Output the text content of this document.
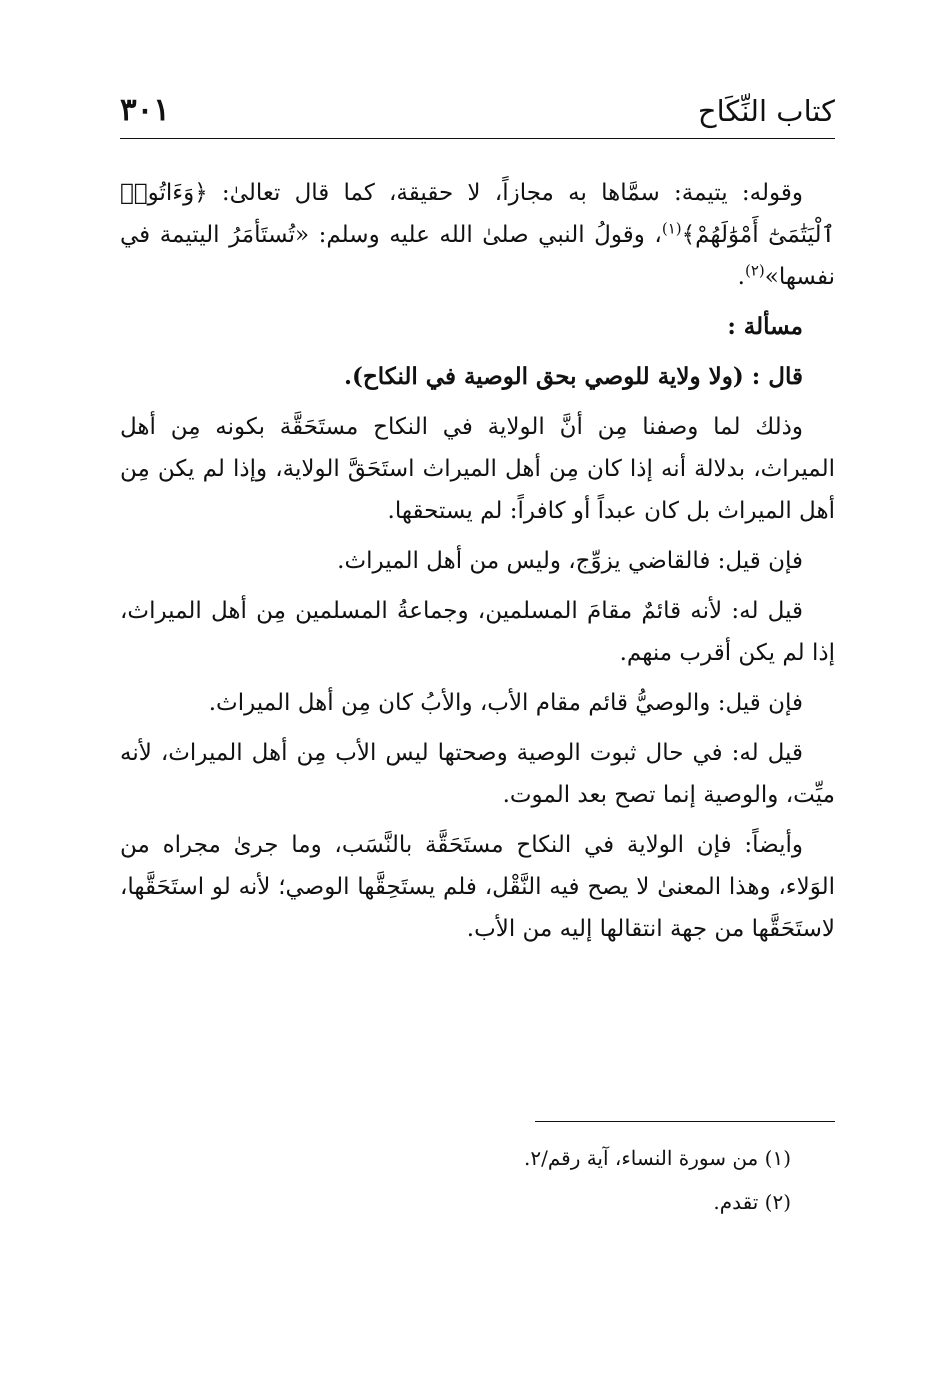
كتاب النِّكَاح
٣٠١

وقوله: يتيمة: سمَّاها به مجازاً، لا حقيقة، كما قال تعالىٰ: ﴿وَءَاتُوا۟ ٱلْيَتَٰمَىٰٓ أَمْوَٰلَهُمْ﴾$^{(١)}$، وقولُ النبي صلىٰ الله عليه وسلم: «تُستَأمَرُ اليتيمة في نفسها»$^{(٢)}$.

مسألة :

قال : (ولا ولاية للوصي بحق الوصية في النكاح).

وذلك لما وصفنا مِن أنَّ الولاية في النكاح مستَحَقَّة بكونه مِن أهل الميراث، بدلالة أنه إذا كان مِن أهل الميراث استَحَقَّ الولاية، وإذا لم يكن مِن أهل الميراث بل كان عبداً أو كافراً: لم يستحقها.

فإن قيل: فالقاضي يزوِّج، وليس من أهل الميراث.

قيل له: لأنه قائمٌ مقامَ المسلمين، وجماعةُ المسلمين مِن أهل الميراث، إذا لم يكن أقرب منهم.

فإن قيل: والوصيُّ قائم مقام الأب، والأبُ كان مِن أهل الميراث.

قيل له: في حال ثبوت الوصية وصحتها ليس الأب مِن أهل الميراث، لأنه ميِّت، والوصية إنما تصح بعد الموت.

وأيضاً: فإن الولاية في النكاح مستَحَقَّة بالنَّسَب، وما جرىٰ مجراه من الوَلاء، وهذا المعنىٰ لا يصح فيه النَّقْل، فلم يستَحِقَّها الوصي؛ لأنه لو استَحَقَّها، لاستَحَقَّها من جهة انتقالها إليه من الأب.

(١) من سورة النساء، آية رقم/٢.
(٢) تقدم.
